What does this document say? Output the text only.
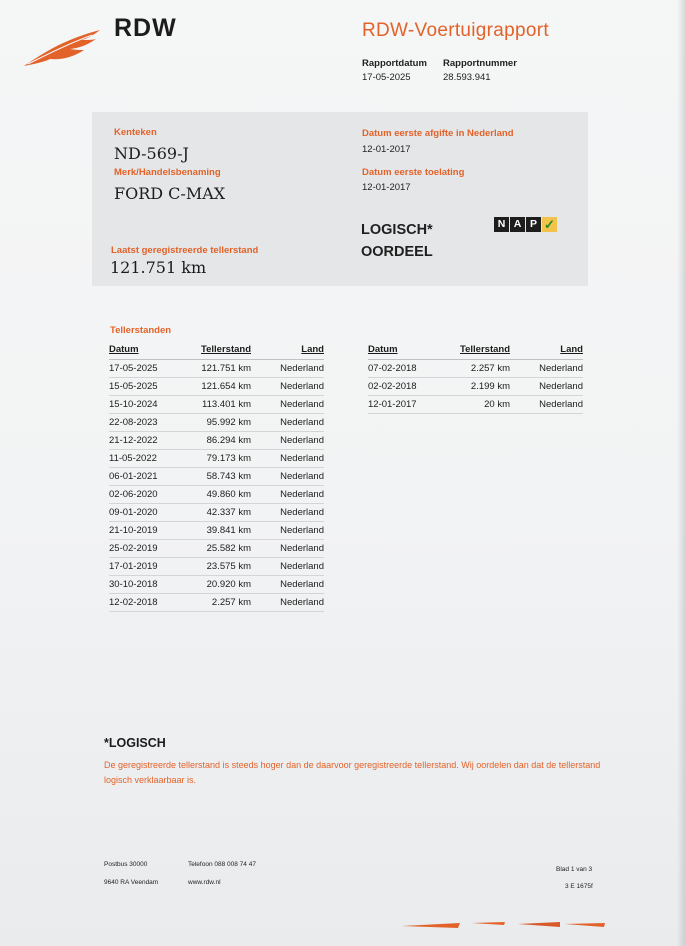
RDW	RDW-Voertuigrapport
Rapportdatum
17-05-2025
Rapportnummer
28.593.941
Kenteken
ND-569-J
Merk/Handelsbenaming
FORD C-MAX
Laatst geregistreerde tellerstand
121.751 km
Datum eerste afgifte in Nederland
12-01-2017
Datum eerste toelating
12-01-2017
LOGISCH*
OORDEEL
N A P ✓
Tellerstanden
Datum	Tellerstand	Land
17-05-2025	121.751 km	Nederland
15-05-2025	121.654 km	Nederland
15-10-2024	113.401 km	Nederland
22-08-2023	95.992 km	Nederland
21-12-2022	86.294 km	Nederland
11-05-2022	79.173 km	Nederland
06-01-2021	58.743 km	Nederland
02-06-2020	49.860 km	Nederland
09-01-2020	42.337 km	Nederland
21-10-2019	39.841 km	Nederland
25-02-2019	25.582 km	Nederland
17-01-2019	23.575 km	Nederland
30-10-2018	20.920 km	Nederland
12-02-2018	2.257 km	Nederland
Datum	Tellerstand	Land
07-02-2018	2.257 km	Nederland
02-02-2018	2.199 km	Nederland
12-01-2017	20 km	Nederland
*LOGISCH
De geregistreerde tellerstand is steeds hoger dan de daarvoor geregistreerde tellerstand. Wij oordelen dan dat de tellerstand logisch verklaarbaar is.
Postbus 30000
9640 RA Veendam
Telefoon 088 008 74 47
www.rdw.nl
Blad 1 van 3
3 E 1675f
